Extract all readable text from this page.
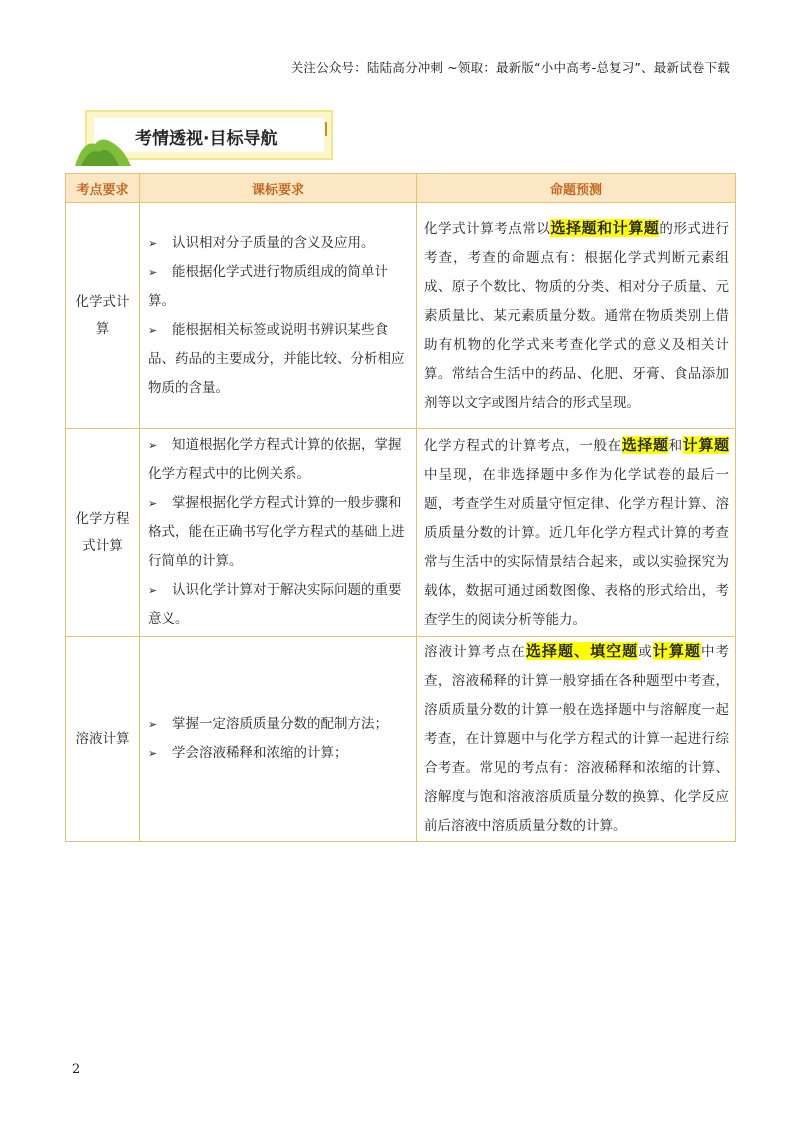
关注公众号：陆陆高分冲刺 ~领取：最新版“小中高考-总复习”、最新试卷下载
考情透视·目标导航
考点要求	课标要求	命题预测
化学式计算	➢ 认识相对分子质量的含义及应用。
➢ 能根据化学式进行物质组成的简单计算。
➢ 能根据相关标签或说明书辨识某些食品、药品的主要成分，并能比较、分析相应物质的含量。	化学式计算考点常以选择题和计算题的形式进行考查，考查的命题点有：根据化学式判断元素组成、原子个数比、物质的分类、相对分子质量、元素质量比、某元素质量分数。通常在物质类别上借助有机物的化学式来考查化学式的意义及相关计算。常结合生活中的药品、化肥、牙膏、食品添加剂等以文字或图片结合的形式呈现。
化学方程式计算	➢ 知道根据化学方程式计算的依据，掌握化学方程式中的比例关系。
➢ 掌握根据化学方程式计算的一般步骤和格式，能在正确书写化学方程式的基础上进行简单的计算。
➢ 认识化学计算对于解决实际问题的重要意义。	化学方程式的计算考点，一般在选择题和计算题中呈现，在非选择题中多作为化学试卷的最后一题，考查学生对质量守恒定律、化学方程计算、溶质质量分数的计算。近几年化学方程式计算的考查常与生活中的实际情景结合起来，或以实验探究为载体，数据可通过函数图像、表格的形式给出，考查学生的阅读分析等能力。
溶液计算	➢ 掌握一定溶质质量分数的配制方法；
➢ 学会溶液稀释和浓缩的计算；	溶液计算考点在选择题、填空题或计算题中考查，溶液稀释的计算一般穿插在各种题型中考查，溶质质量分数的计算一般在选择题中与溶解度一起考查，在计算题中与化学方程式的计算一起进行综合考查。常见的考点有：溶液稀释和浓缩的计算、溶解度与饱和溶液溶质质量分数的换算、化学反应前后溶液中溶质质量分数的计算。
2
